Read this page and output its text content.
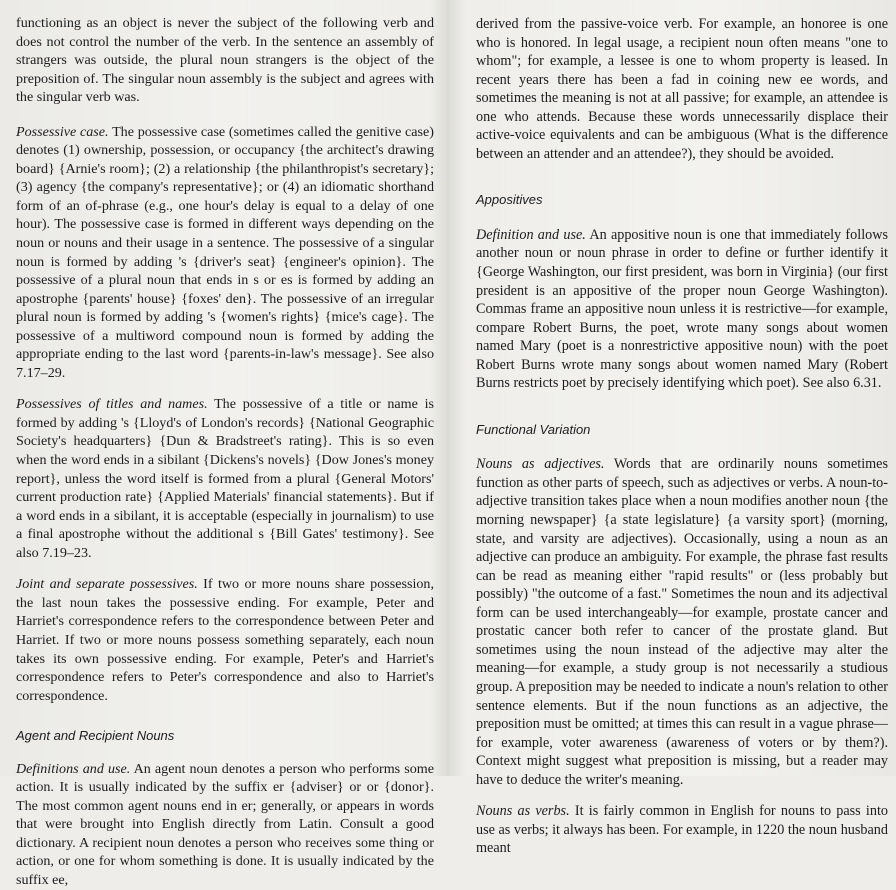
functioning as an object is never the subject of the following verb and does not control the number of the verb. In the sentence an assembly of strangers was outside, the plural noun strangers is the object of the preposition of. The singular noun assembly is the subject and agrees with the singular verb was.

Possessive case. The possessive case (sometimes called the genitive case) denotes (1) ownership, possession, or occupancy {the architect's drawing board} {Arnie's room}; (2) a relationship {the philanthropist's secretary}; (3) agency {the company's representative}; or (4) an idiomatic shorthand form of an of-phrase (e.g., one hour's delay is equal to a delay of one hour). The possessive case is formed in different ways depending on the noun or nouns and their usage in a sentence. The possessive of a singular noun is formed by adding 's {driver's seat} {engineer's opinion}. The possessive of a plural noun that ends in s or es is formed by adding an apostrophe {parents' house} {foxes' den}. The possessive of an irregular plural noun is formed by adding 's {women's rights} {mice's cage}. The possessive of a multiword compound noun is formed by adding the appropriate ending to the last word {parents-in-law's message}. See also 7.17–29.

Possessives of titles and names. The possessive of a title or name is formed by adding 's {Lloyd's of London's records} {National Geographic Society's headquarters} {Dun & Bradstreet's rating}. This is so even when the word ends in a sibilant {Dickens's novels} {Dow Jones's money report}, unless the word itself is formed from a plural {General Motors' current production rate} {Applied Materials' financial statements}. But if a word ends in a sibilant, it is acceptable (especially in journalism) to use a final apostrophe without the additional s {Bill Gates' testimony}. See also 7.19–23.

Joint and separate possessives. If two or more nouns share possession, the last noun takes the possessive ending. For example, Peter and Harriet's correspondence refers to the correspondence between Peter and Harriet. If two or more nouns possess something separately, each noun takes its own possessive ending. For example, Peter's and Harriet's correspondence refers to Peter's correspondence and also to Harriet's correspondence.

Agent and Recipient Nouns

Definitions and use. An agent noun denotes a person who performs some action. It is usually indicated by the suffix er {adviser} or or {donor}. The most common agent nouns end in er; generally, or appears in words that were brought into English directly from Latin. Consult a good dictionary. A recipient noun denotes a person who receives some thing or action, or one for whom something is done. It is usually indicated by the suffix ee,

derived from the passive-voice verb. For example, an honoree is one who is honored. In legal usage, a recipient noun often means "one to whom"; for example, a lessee is one to whom property is leased. In recent years there has been a fad in coining new ee words, and sometimes the meaning is not at all passive; for example, an attendee is one who attends. Because these words unnecessarily displace their active-voice equivalents and can be ambiguous (What is the difference between an attender and an attendee?), they should be avoided.

Appositives

Definition and use. An appositive noun is one that immediately follows another noun or noun phrase in order to define or further identify it {George Washington, our first president, was born in Virginia} (our first president is an appositive of the proper noun George Washington). Commas frame an appositive noun unless it is restrictive—for example, compare Robert Burns, the poet, wrote many songs about women named Mary (poet is a nonrestrictive appositive noun) with the poet Robert Burns wrote many songs about women named Mary (Robert Burns restricts poet by precisely identifying which poet). See also 6.31.

Functional Variation

Nouns as adjectives. Words that are ordinarily nouns sometimes function as other parts of speech, such as adjectives or verbs. A noun-to-adjective transition takes place when a noun modifies another noun {the morning newspaper} {a state legislature} {a varsity sport} (morning, state, and varsity are adjectives). Occasionally, using a noun as an adjective can produce an ambiguity. For example, the phrase fast results can be read as meaning either "rapid results" or (less probably but possibly) "the outcome of a fast." Sometimes the noun and its adjectival form can be used interchangeably—for example, prostate cancer and prostatic cancer both refer to cancer of the prostate gland. But sometimes using the noun instead of the adjective may alter the meaning—for example, a study group is not necessarily a studious group. A preposition may be needed to indicate a noun's relation to other sentence elements. But if the noun functions as an adjective, the preposition must be omitted; at times this can result in a vague phrase—for example, voter awareness (awareness of voters or by them?). Context might suggest what preposition is missing, but a reader may have to deduce the writer's meaning.

Nouns as verbs. It is fairly common in English for nouns to pass into use as verbs; it always has been. For example, in 1220 the noun husband meant
